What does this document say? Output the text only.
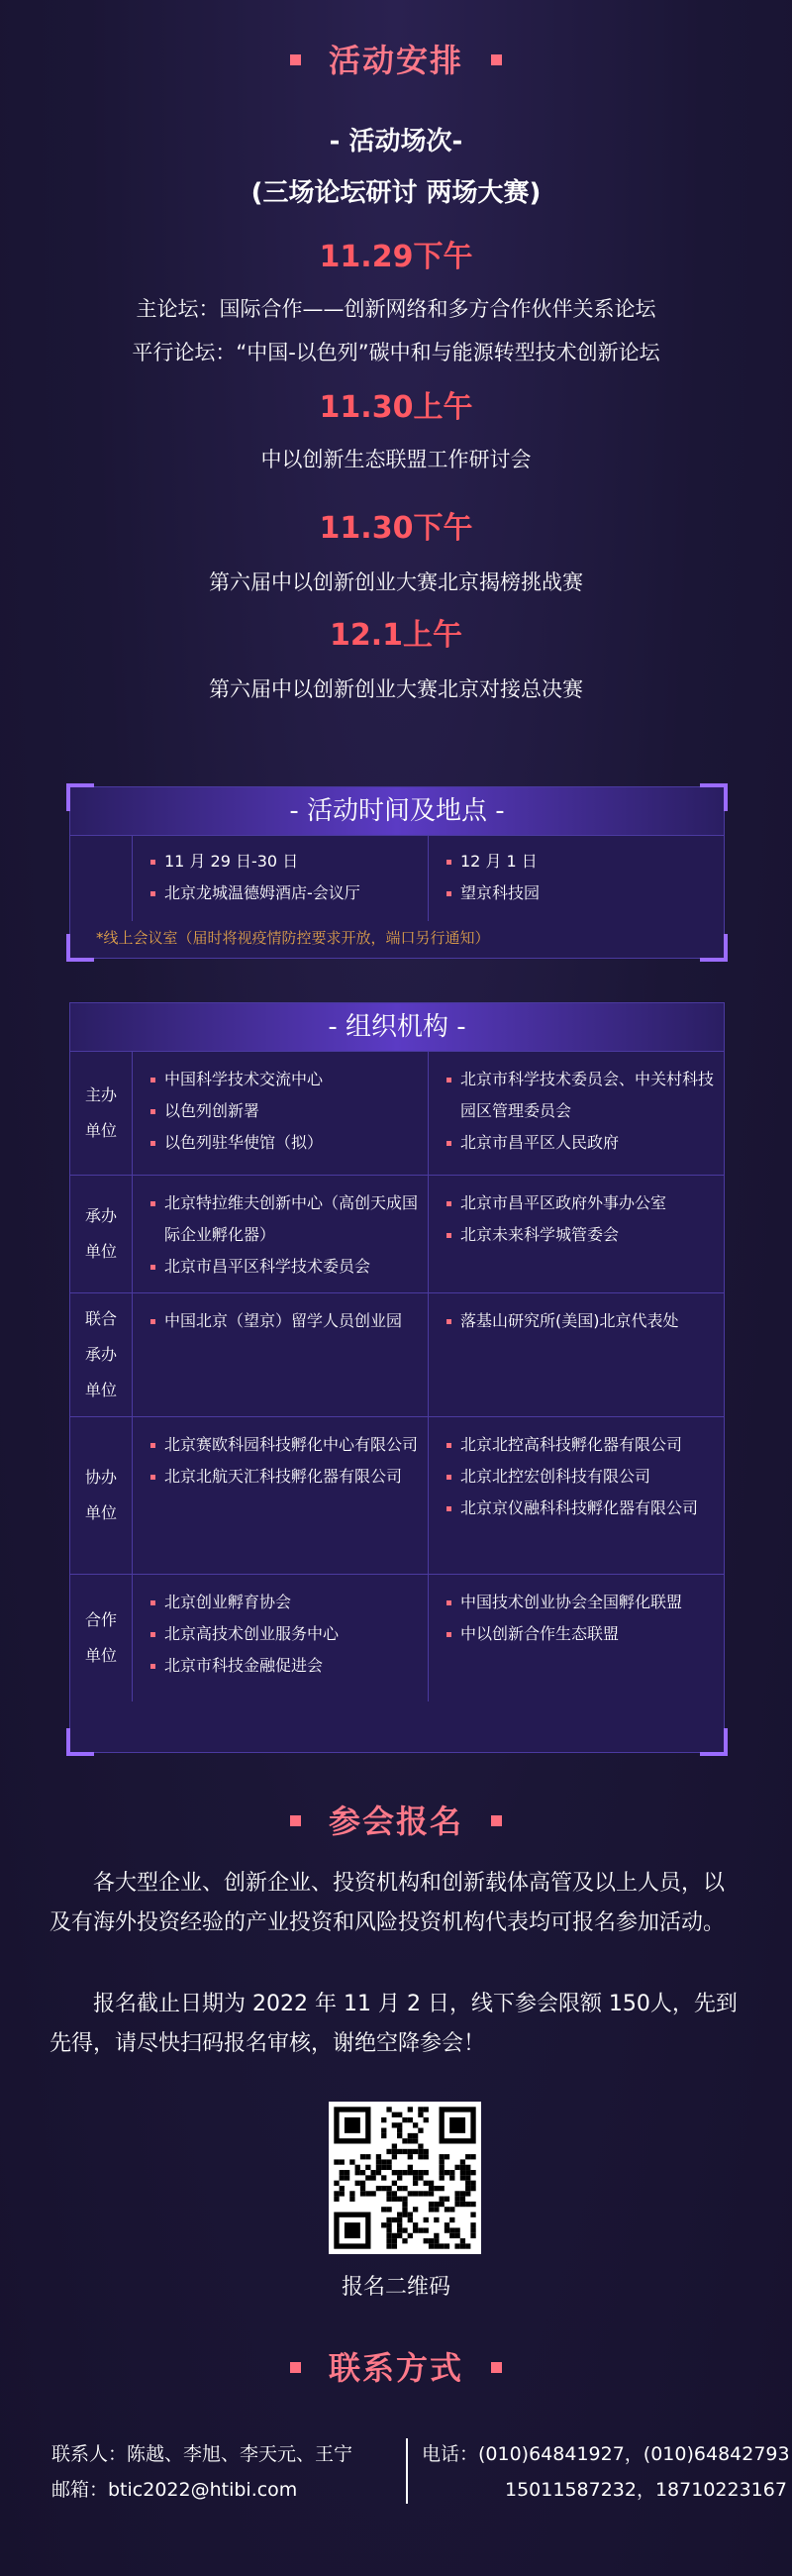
活动安排
- 活动场次-
(三场论坛研讨 两场大赛)
11.29下午
主论坛：国际合作——创新网络和多方合作伙伴关系论坛
平行论坛：“中国-以色列”碳中和与能源转型技术创新论坛
11.30上午
中以创新生态联盟工作研讨会
11.30下午
第六届中以创新创业大赛北京揭榜挑战赛
12.1上午
第六届中以创新创业大赛北京对接总决赛
- 活动时间及地点 -
11 月 29 日-30 日
北京龙城温德姆酒店-会议厅
12 月 1 日
望京科技园
*线上会议室（届时将视疫情防控要求开放，端口另行通知）
- 组织机构 -
主办
单位
中国科学技术交流中心
以色列创新署
以色列驻华使馆（拟）
北京市科学技术委员会、中关村科技园区管理委员会
北京市昌平区人民政府
承办
单位
北京特拉维夫创新中心（高创天成国际企业孵化器）
北京市昌平区科学技术委员会
北京市昌平区政府外事办公室
北京未来科学城管委会
联合
承办
单位
中国北京（望京）留学人员创业园	落基山研究所(美国)北京代表处
协办
单位
北京赛欧科园科技孵化中心有限公司
北京北航天汇科技孵化器有限公司
北京北控高科技孵化器有限公司
北京北控宏创科技有限公司
北京京仪融科科技孵化器有限公司
合作
单位
北京创业孵育协会
北京高技术创业服务中心
北京市科技金融促进会
中国技术创业协会全国孵化联盟
中以创新合作生态联盟
参会报名
各大型企业、创新企业、投资机构和创新载体高管及以上人员，以及有海外投资经验的产业投资和风险投资机构代表均可报名参加活动。
报名截止日期为 2022 年 11 月 2 日，线下参会限额 150人，先到先得，请尽快扫码报名审核，谢绝空降参会！
报名二维码
联系方式
联系人：陈越、李旭、李天元、王宁
邮箱：btic2022@htibi.com
电话：(010)64841927，(010)64842793
15011587232，18710223167
